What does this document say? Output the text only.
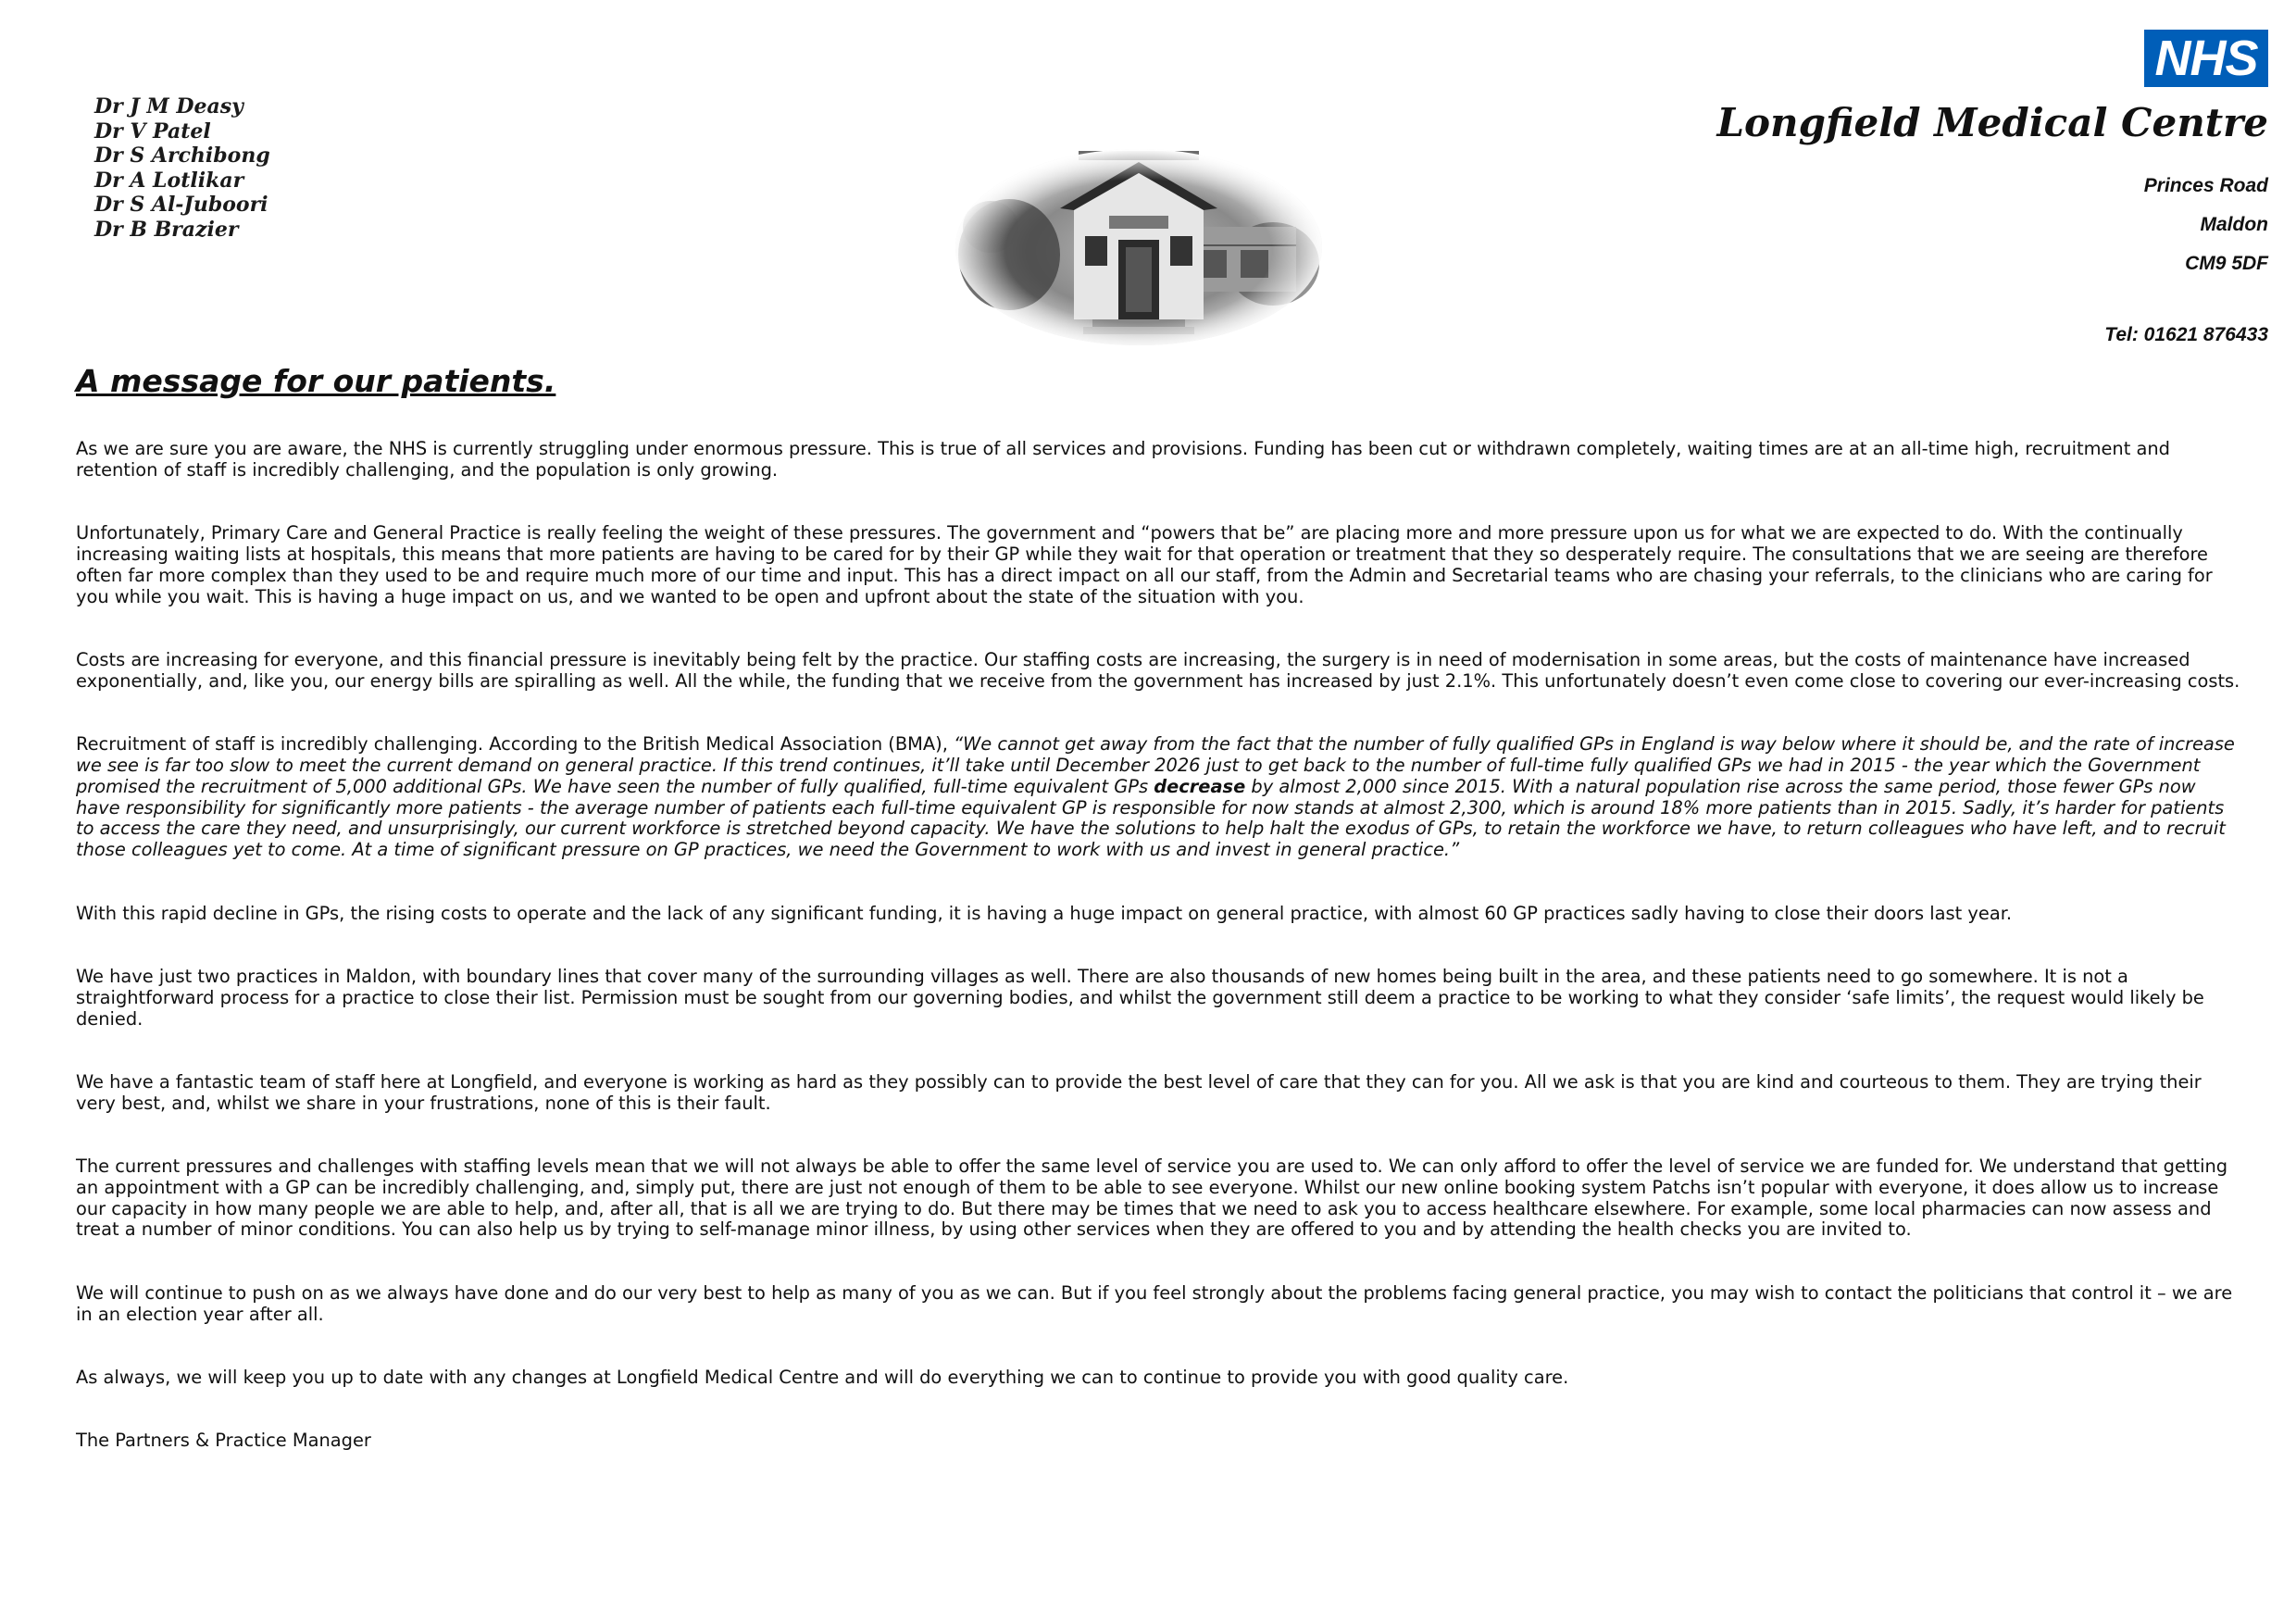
Dr J M Deasy
Dr V Patel
Dr S Archibong
Dr A Lotlikar
Dr S Al-Juboori
Dr B Brazier
NHS
Longfield Medical Centre
Princes Road
Maldon
CM9 5DF
Tel: 01621 876433
A message for our patients.

As we are sure you are aware, the NHS is currently struggling under enormous pressure. This is true of all services and provisions. Funding has been cut or withdrawn completely, waiting times are at an all-time high, recruitment and retention of staff is incredibly challenging, and the population is only growing.

Unfortunately, Primary Care and General Practice is really feeling the weight of these pressures. The government and “powers that be” are placing more and more pressure upon us for what we are expected to do. With the continually increasing waiting lists at hospitals, this means that more patients are having to be cared for by their GP while they wait for that operation or treatment that they so desperately require. The consultations that we are seeing are therefore often far more complex than they used to be and require much more of our time and input. This has a direct impact on all our staff, from the Admin and Secretarial teams who are chasing your referrals, to the clinicians who are caring for you while you wait. This is having a huge impact on us, and we wanted to be open and upfront about the state of the situation with you.

Costs are increasing for everyone, and this financial pressure is inevitably being felt by the practice. Our staffing costs are increasing, the surgery is in need of modernisation in some areas, but the costs of maintenance have increased exponentially, and, like you, our energy bills are spiralling as well. All the while, the funding that we receive from the government has increased by just 2.1%. This unfortunately doesn’t even come close to covering our ever-increasing costs.

Recruitment of staff is incredibly challenging. According to the British Medical Association (BMA), “We cannot get away from the fact that the number of fully qualified GPs in England is way below where it should be, and the rate of increase we see is far too slow to meet the current demand on general practice. If this trend continues, it’ll take until December 2026 just to get back to the number of full-time fully qualified GPs we had in 2015 - the year which the Government promised the recruitment of 5,000 additional GPs. We have seen the number of fully qualified, full-time equivalent GPs decrease by almost 2,000 since 2015. With a natural population rise across the same period, those fewer GPs now have responsibility for significantly more patients - the average number of patients each full-time equivalent GP is responsible for now stands at almost 2,300, which is around 18% more patients than in 2015. Sadly, it’s harder for patients to access the care they need, and unsurprisingly, our current workforce is stretched beyond capacity. We have the solutions to help halt the exodus of GPs, to retain the workforce we have, to return colleagues who have left, and to recruit those colleagues yet to come. At a time of significant pressure on GP practices, we need the Government to work with us and invest in general practice.”

With this rapid decline in GPs, the rising costs to operate and the lack of any significant funding, it is having a huge impact on general practice, with almost 60 GP practices sadly having to close their doors last year.

We have just two practices in Maldon, with boundary lines that cover many of the surrounding villages as well. There are also thousands of new homes being built in the area, and these patients need to go somewhere. It is not a straightforward process for a practice to close their list. Permission must be sought from our governing bodies, and whilst the government still deem a practice to be working to what they consider ‘safe limits’, the request would likely be denied.

We have a fantastic team of staff here at Longfield, and everyone is working as hard as they possibly can to provide the best level of care that they can for you. All we ask is that you are kind and courteous to them. They are trying their very best, and, whilst we share in your frustrations, none of this is their fault.

The current pressures and challenges with staffing levels mean that we will not always be able to offer the same level of service you are used to. We can only afford to offer the level of service we are funded for. We understand that getting an appointment with a GP can be incredibly challenging, and, simply put, there are just not enough of them to be able to see everyone. Whilst our new online booking system Patchs isn’t popular with everyone, it does allow us to increase our capacity in how many people we are able to help, and, after all, that is all we are trying to do. But there may be times that we need to ask you to access healthcare elsewhere. For example, some local pharmacies can now assess and treat a number of minor conditions. You can also help us by trying to self-manage minor illness, by using other services when they are offered to you and by attending the health checks you are invited to.

We will continue to push on as we always have done and do our very best to help as many of you as we can. But if you feel strongly about the problems facing general practice, you may wish to contact the politicians that control it – we are in an election year after all.

As always, we will keep you up to date with any changes at Longfield Medical Centre and will do everything we can to continue to provide you with good quality care.

The Partners & Practice Manager
